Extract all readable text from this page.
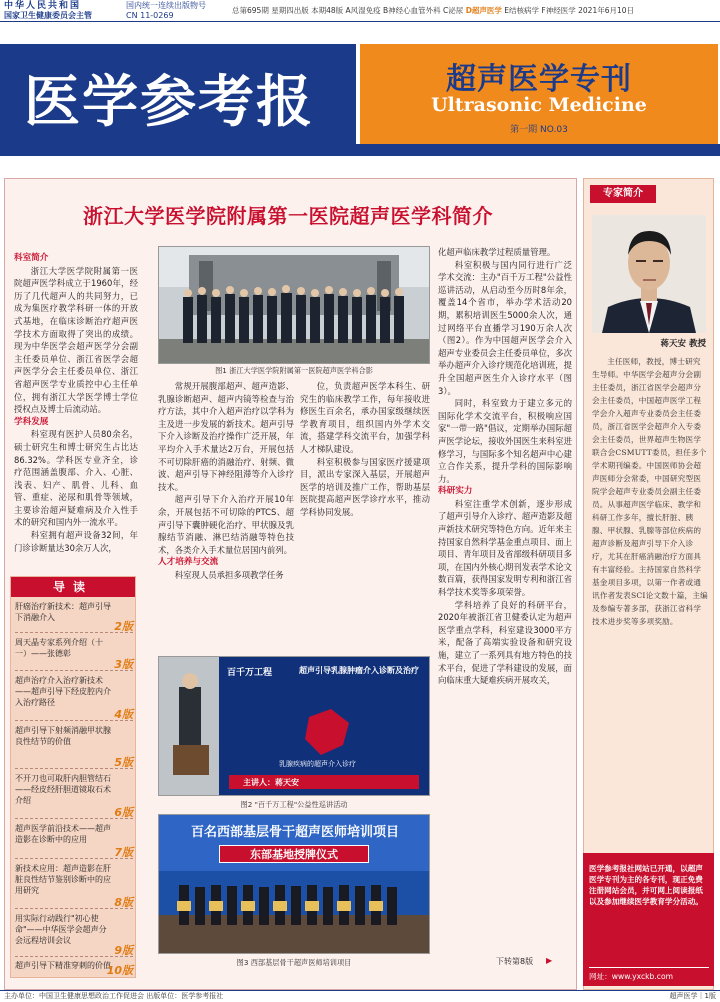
中华人民共和国
国家卫生健康委员会主管
国内统一连续出版物号
CN 11-0269
总第695期 星期四出版 本期48版 A风湿免疫 B神经心血管外科 C泌尿 D超声医学 E结核病学 F神经医学 2021年6月10日
医学参考报	超声医学专刊
Ultrasonic Medicine
第一期 NO.03
浙江大学医学院附属第一医院超声医学科简介

科室简介

浙江大学医学院附属第一医院超声医学科成立于1960年，经历了几代超声人的共同努力，已成为集医疗教学科研一体的开放式基地，在临床诊断治疗超声医学技术方面取得了突出的成绩。现为中华医学会超声医学分会副主任委员单位、浙江省医学会超声医学分会主任委员单位、浙江省超声医学专业质控中心主任单位，拥有浙江大学医学博士学位授权点及博士后流动站。

学科发展

科室现有医护人员80余名，硕士研究生和博士研究生占比达86.32%。学科医专业齐全，诊疗范围涵盖腹部、介入、心脏、浅表、妇产、肌骨、儿科、血管、重症、泌尿和肌骨等领域，主要诊治超声疑难病及介入性手术的研究和国内外一流水平。

科室拥有超声设备32间，年门诊诊断量达30余万人次，

图1 浙江大学医学院附属第一医院超声医学科合影

常规开展腹部超声、超声造影、乳腺诊断超声、超声内镜等检查与治疗方法，其中介入超声治疗以学科为主及进一步发展的新技术。超声引导下介入诊断及治疗操作广泛开展，年平均介入手术量达2万台，开展包括不可切除肝癌的消融治疗、射频、微波、超声引导下神经阻滞等介入诊疗技术。

超声引导下介入治疗开展10年余，开展包括不可切除的PTCS、超声引导下囊肿硬化治疗、甲状腺及乳腺结节消融、淋巴结消融等特色技术，各类介入手术量位居国内前列。

人才培养与交流

科室现人员承担多项教学任务

位，负责超声医学本科生、研究生的临床教学工作，每年接收进修医生百余名，承办国家级继续医学教育项目，组织国内外学术交流，搭建学科交流平台，加强学科人才梯队建设。

科室积极参与国家医疗援建项目，派出专家深入基层，开展超声医学的培训及推广工作，帮助基层医院提高超声医学诊疗水平，推动学科协同发展。

百千万工程	超声引导乳腺肿瘤介入诊断及治疗
乳腺疾病的超声介入诊疗
主讲人：蒋天安
图2 "百千万工程"公益性巡讲活动
百名西部基层骨干超声医师培训项目
东部基地授牌仪式
图3 西部基层骨干超声医师培训项目

化超声临床教学过程质量管理。

科室积极与国内同行进行广泛学术交流：主办"百千万工程"公益性巡讲活动，从启动至今历时8年余，覆盖14个省市，举办学术活动20期，累积培训医生5000余人次，通过网络平台直播学习190万余人次（图2）。作为中国超声医学会介入超声专业委员会主任委员单位，多次举办超声介入诊疗规范化培训班，提升全国超声医生介入诊疗水平（图3）。

同时，科室致力于建立多元的国际化学术交流平台，积极响应国家"一带一路"倡议，定期举办国际超声医学论坛，接收外国医生来科室进修学习，与国际多个知名超声中心建立合作关系，提升学科的国际影响力。

科研实力

科室注重学术创新，逐步形成了超声引导介入诊疗、超声造影及超声新技术研究等特色方向。近年来主持国家自然科学基金重点项目、面上项目、青年项目及省部级科研项目多项，在国内外核心期刊发表学术论文数百篇，获得国家发明专利和浙江省科学技术奖等多项荣誉。

学科培养了良好的科研平台，2020年被浙江省卫健委认定为超声医学重点学科，科室建设3000平方米，配备了高端实验设备和研究设施，建立了一系列具有地方特色的技术平台，促进了学科建设的发展，面向临床重大疑难疾病开展攻关，

下转第8版 ▶
导读
肝癌治疗新技术：超声引导下消融介入
2版
周天晶专家系列介绍（十一）——张德彰
3版
超声治疗介入治疗新技术——超声引导下经皮腔内介入治疗路径
4版
超声引导下射频消融甲状腺良性结节的价值
5版
不开刀也可取肝内胆管结石——经皮经肝胆道镜取石术介绍
6版
超声医学前沿技术——超声造影在诊断中的应用
7版
新技术应用：超声造影在肝脏良性结节鉴别诊断中的应用研究
8版
用实际行动践行"初心使命"——中华医学会超声分会远程培训会议
9版
超声引导下精准穿刺的价值
10版
专家简介
蒋天安 教授
主任医师，教授，博士研究生导师。中华医学会超声分会副主任委员，浙江省医学会超声分会主任委员，中国超声医学工程学会介入超声专业委员会主任委员，浙江省医学会超声介入专委会主任委员，世界超声生物医学联合会CSMUTT委员，担任多个学术期刊编委。中国医师协会超声医师分会常委，中国研究型医院学会超声专业委员会副主任委员。从事超声医学临床、教学和科研工作多年，擅长肝脏、胰腺、甲状腺、乳腺等部位疾病的超声诊断及超声引导下介入诊疗，尤其在肝癌消融治疗方面具有丰富经验。主持国家自然科学基金项目多项，以第一作者或通讯作者发表SCI论文数十篇，主编及参编专著多部，获浙江省科学技术进步奖等多项奖励。
医学参考报社网站已开通，以超声医学专刊为主的各专刊，现正免费注册网站会员，并可网上阅读报纸以及参加继续医学教育学分活动。
网址：www.yxckb.com
主办单位：中国卫生健康思想政治工作促进会 出版单位：医学参考报社	超声医学｜1版
